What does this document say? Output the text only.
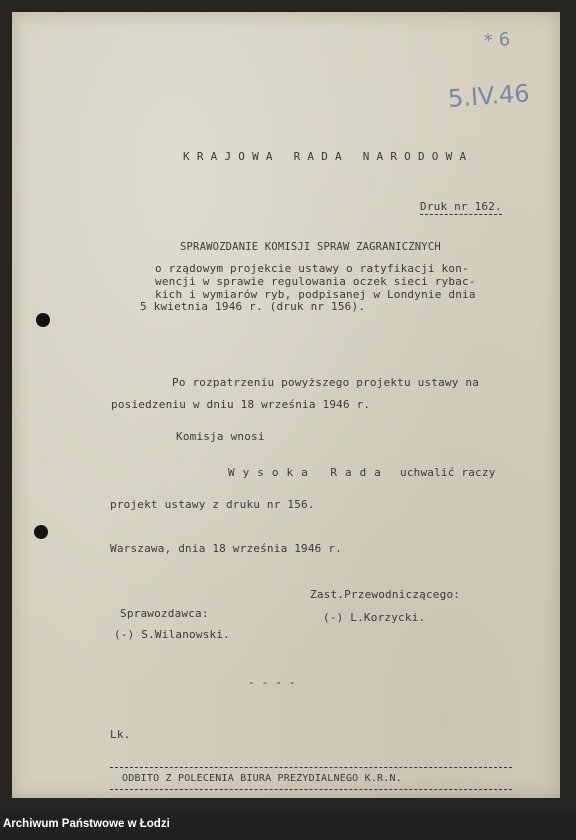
* 6
5.IV.46
KRAJOWA RADA NARODOWA
Druk nr 162.
SPRAWOZDANIE KOMISJI SPRAW ZAGRANICZNYCH
o rządowym projekcie ustawy o ratyfikacji kon-
wencji w sprawie regulowania oczek sieci rybac-
kich i wymiarów ryb, podpisanej w Londynie dnia
5 kwietnia 1946 r. (druk nr 156).
Po rozpatrzeniu powyższego projektu ustawy na
posiedzeniu w dniu 18 września 1946 r.
Komisja wnosi
Wysoka Rada uchwalić raczy
projekt ustawy z druku nr 156.
Warszawa, dnia 18 września 1946 r.
Zast.Przewodniczącego:
(-) L.Korzycki.
Sprawozdawca:
(-) S.Wilanowski.
- - - -
Lk.
ODBITO Z POLECENIA BIURA PREZYDIALNEGO K.R.N.
Archiwum Państwowe w Łodzi
